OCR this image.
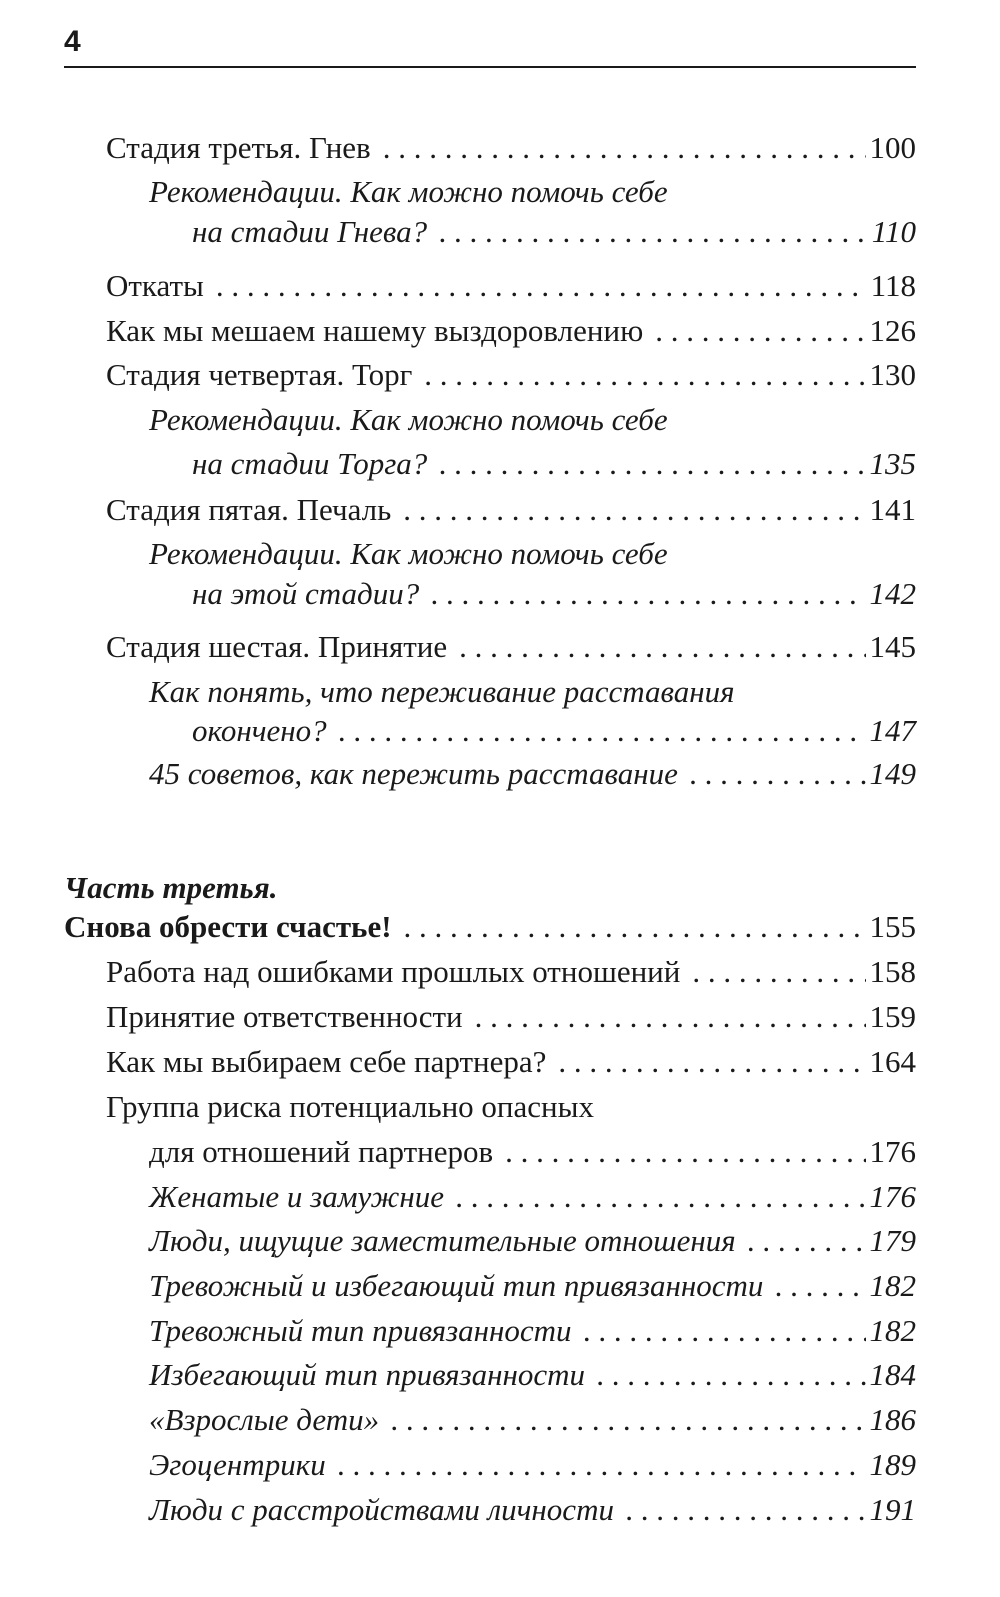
4
Стадия третья. Гнев . . .	100
Рекомендации. Как можно помочь себе
на стадии Гнева? . . .	110
Откаты . . .	118
Как мы мешаем нашему выздоровлению . . .	126
Стадия четвертая. Торг . . .	130
Рекомендации. Как можно помочь себе
на стадии Торга? . . .	135
Стадия пятая. Печаль . . .	141
Рекомендации. Как можно помочь себе
на этой стадии? . . .	142
Стадия шестая. Принятие . . .	145
Как понять, что переживание расставания
окончено? . . .	147
45 советов, как пережить расставание . . .	149
Часть третья.
Снова обрести счастье! . . .	155
Работа над ошибками прошлых отношений . . .	158
Принятие ответственности . . .	159
Как мы выбираем себе партнера? . . .	164
Группа риска потенциально опасных
для отношений партнеров . . .	176
Женатые и замужние . . .	176
Люди, ищущие заместительные отношения . . .	179
Тревожный и избегающий тип привязанности . . .	182
Тревожный тип привязанности . . .	182
Избегающий тип привязанности . . .	184
«Взрослые дети» . . .	186
Эгоцентрики . . .	189
Люди с расстройствами личности . . .	191
